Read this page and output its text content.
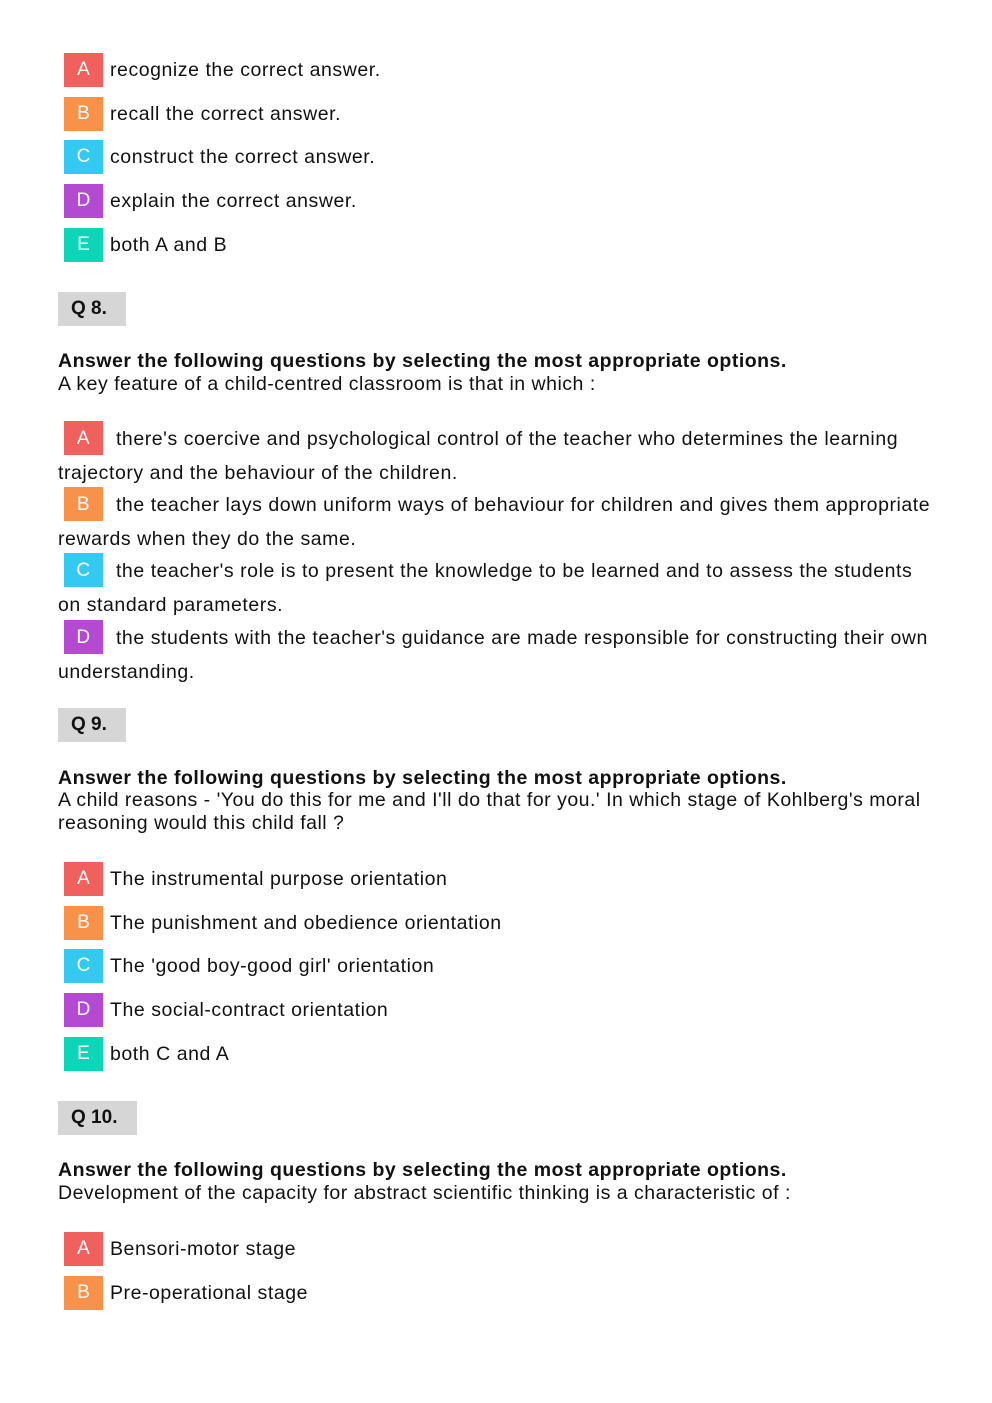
A	recognize the correct answer.
B	recall the correct answer.
C	construct the correct answer.
D	explain the correct answer.
E	both A and B
Q 8.
Answer the following questions by selecting the most appropriate options.
A key feature of a child-centred classroom is that in which :
A there's coercive and psychological control of the teacher who determines the learning trajectory and the behaviour of the children.
B the teacher lays down uniform ways of behaviour for children and gives them appropriate rewards when they do the same.
C the teacher's role is to present the knowledge to be learned and to assess the students on standard parameters.
D the students with the teacher's guidance are made responsible for constructing their own understanding.
Q 9.
Answer the following questions by selecting the most appropriate options.
A child reasons - 'You do this for me and I'll do that for you.' In which stage of Kohlberg's moral reasoning would this child fall ?
A	The instrumental purpose orientation
B	The punishment and obedience orientation
C	The 'good boy-good girl' orientation
D	The social-contract orientation
E	both C and A
Q 10.
Answer the following questions by selecting the most appropriate options.
Development of the capacity for abstract scientific thinking is a characteristic of :
A	Bensori-motor stage
B	Pre-operational stage
